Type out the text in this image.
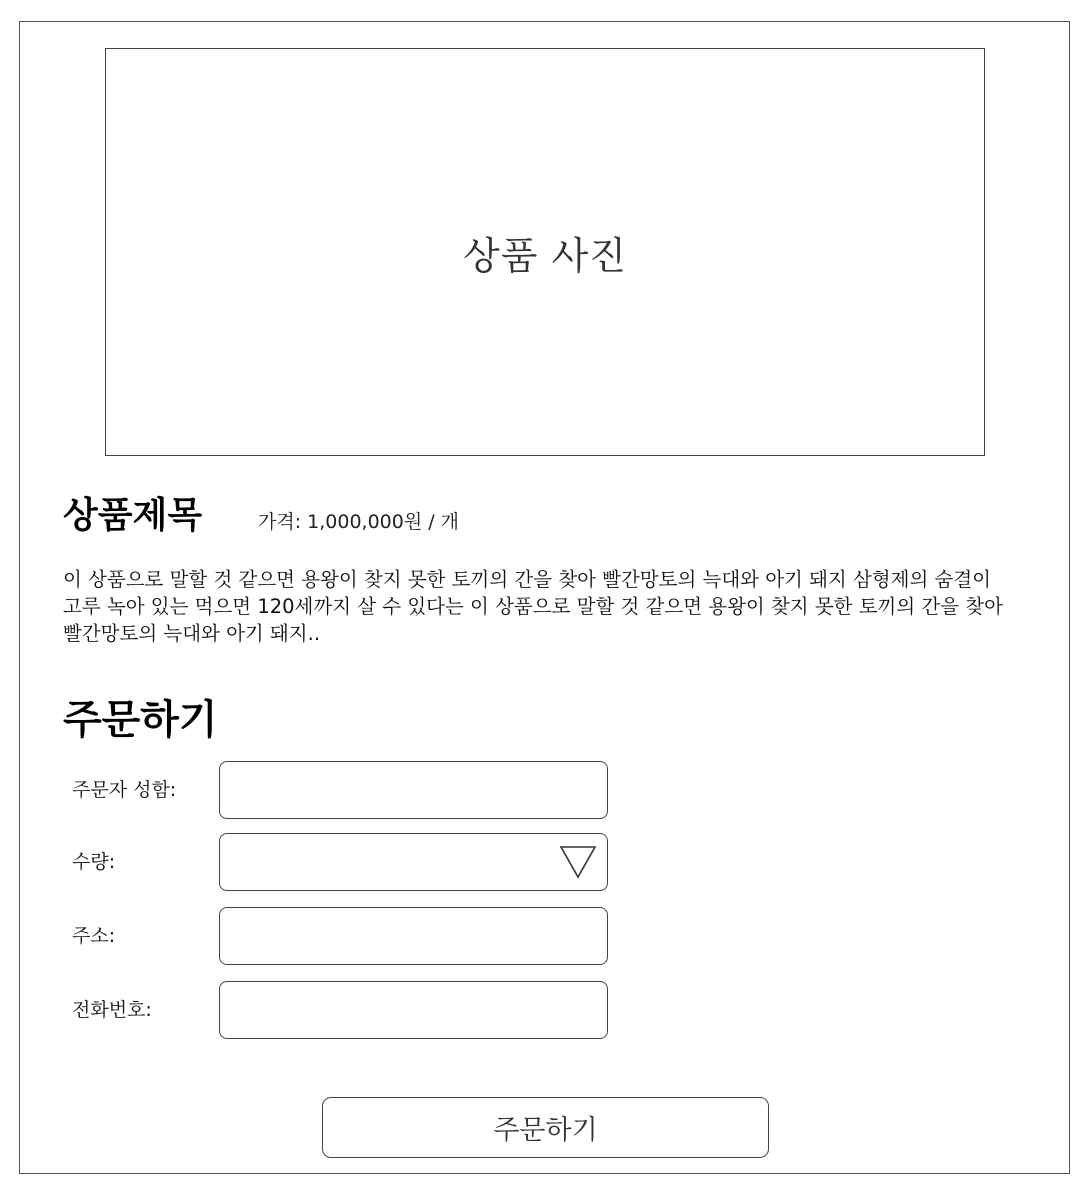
상품 사진
상품제목	가격: 1,000,000원 / 개

이 상품으로 말할 것 같으면 용왕이 찾지 못한 토끼의 간을 찾아 빨간망토의 늑대와 아기 돼지 삼형제의 숨결이 고루 녹아 있는 먹으면 120세까지 살 수 있다는 이 상품으로 말할 것 같으면 용왕이 찾지 못한 토끼의 간을 찾아 빨간망토의 늑대와 아기 돼지..

주문하기
주문자 성함:
수량:
주소:
전화번호:
주문하기
